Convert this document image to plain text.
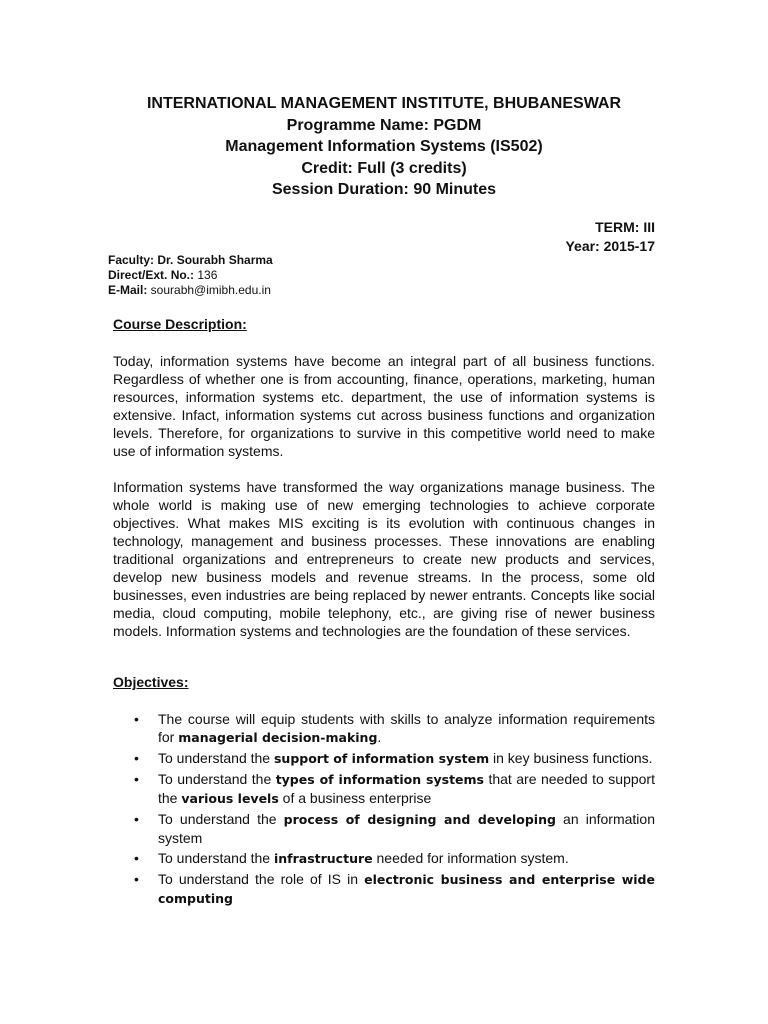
INTERNATIONAL MANAGEMENT INSTITUTE, BHUBANESWAR
Programme Name: PGDM
Management Information Systems (IS502)
Credit: Full (3 credits)
Session Duration: 90 Minutes
TERM: III
Year: 2015-17
Faculty: Dr. Sourabh Sharma
Direct/Ext. No.: 136
E-Mail: sourabh@imibh.edu.in
Course Description:
Today, information systems have become an integral part of all business functions. Regardless of whether one is from accounting, finance, operations, marketing, human resources, information systems etc. department, the use of information systems is extensive. Infact, information systems cut across business functions and organization levels. Therefore, for organizations to survive in this competitive world need to make use of information systems.
Information systems have transformed the way organizations manage business. The whole world is making use of new emerging technologies to achieve corporate objectives. What makes MIS exciting is its evolution with continuous changes in technology, management and business processes. These innovations are enabling traditional organizations and entrepreneurs to create new products and services, develop new business models and revenue streams. In the process, some old businesses, even industries are being replaced by newer entrants. Concepts like social media, cloud computing, mobile telephony, etc., are giving rise of newer business models. Information systems and technologies are the foundation of these services.
Objectives:
• The course will equip students with skills to analyze information requirements for managerial decision-making.
• To understand the support of information system in key business functions.
• To understand the types of information systems that are needed to support the various levels of a business enterprise
• To understand the process of designing and developing an information system
• To understand the infrastructure needed for information system.
• To understand the role of IS in electronic business and enterprise wide computing
